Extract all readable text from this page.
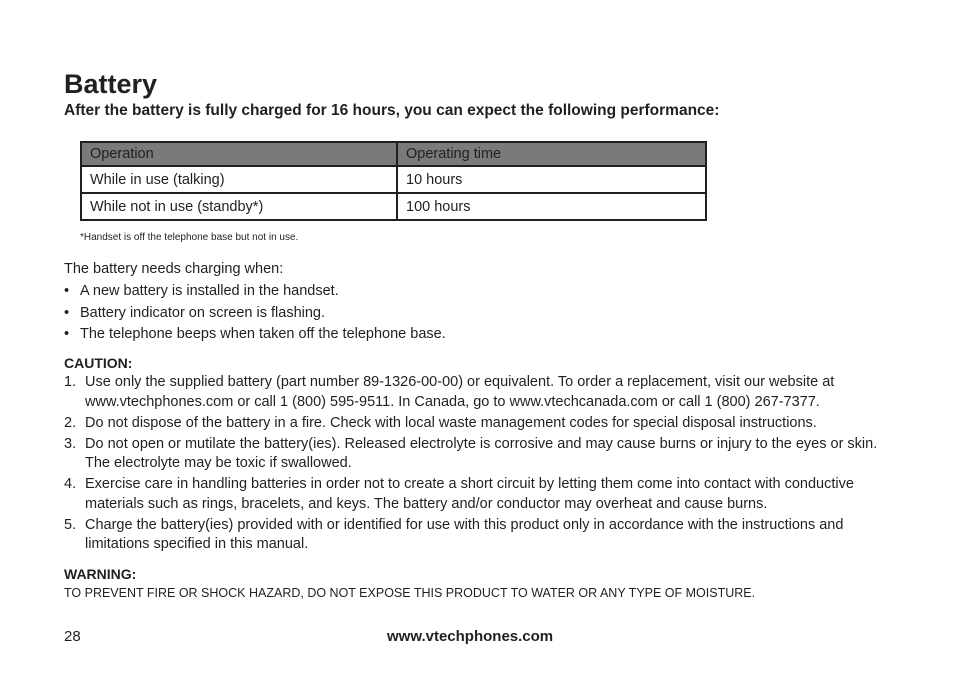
Battery

After the battery is fully charged for 16 hours, you can expect the following performance:

Operation	Operating time
While in use (talking)	10 hours
While not in use (standby*)	100 hours

*Handset is off the telephone base but not in use.

The battery needs charging when:

• A new battery is installed in the handset.
• Battery indicator on screen is flashing.
• The telephone beeps when taken off the telephone base.

CAUTION:

1. Use only the supplied battery (part number 89-1326-00-00) or equivalent. To order a replacement, visit our website at www.vtechphones.com or call 1 (800) 595-9511. In Canada, go to www.vtechcanada.com or call 1 (800) 267-7377.
2. Do not dispose of the battery in a fire. Check with local waste management codes for special disposal instructions.
3. Do not open or mutilate the battery(ies). Released electrolyte is corrosive and may cause burns or injury to the eyes or skin. The electrolyte may be toxic if swallowed.
4. Exercise care in handling batteries in order not to create a short circuit by letting them come into contact with conductive materials such as rings, bracelets, and keys. The battery and/or conductor may overheat and cause burns.
5. Charge the battery(ies) provided with or identified for use with this product only in accordance with the instructions and limitations specified in this manual.

WARNING:

TO PREVENT FIRE OR SHOCK HAZARD, DO NOT EXPOSE THIS PRODUCT TO WATER OR ANY TYPE OF MOISTURE.

28	www.vtechphones.com
